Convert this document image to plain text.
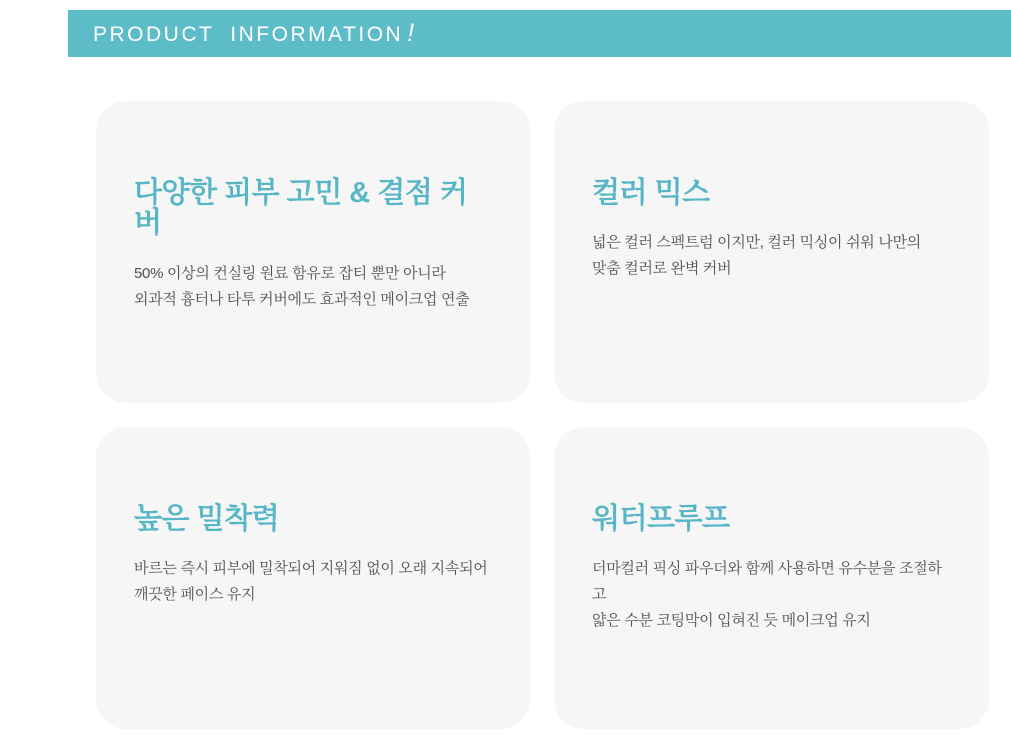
PRODUCT INFORMATION !
다양한 피부 고민 & 결점 커버

50% 이상의 컨실링 원료 함유로 잡티 뿐만 아니라
외과적 흉터나 타투 커버에도 효과적인 메이크업 연출

컬러 믹스

넓은 컬러 스펙트럼 이지만, 컬러 믹싱이 쉬워 나만의
맞춤 컬러로 완벽 커버

높은 밀착력

바르는 즉시 피부에 밀착되어 지워짐 없이 오래 지속되어
깨끗한 페이스 유지

워터프루프

더마컬러 픽싱 파우더와 함께 사용하면 유수분을 조절하고
얇은 수분 코팅막이 입혀진 듯 메이크업 유지
